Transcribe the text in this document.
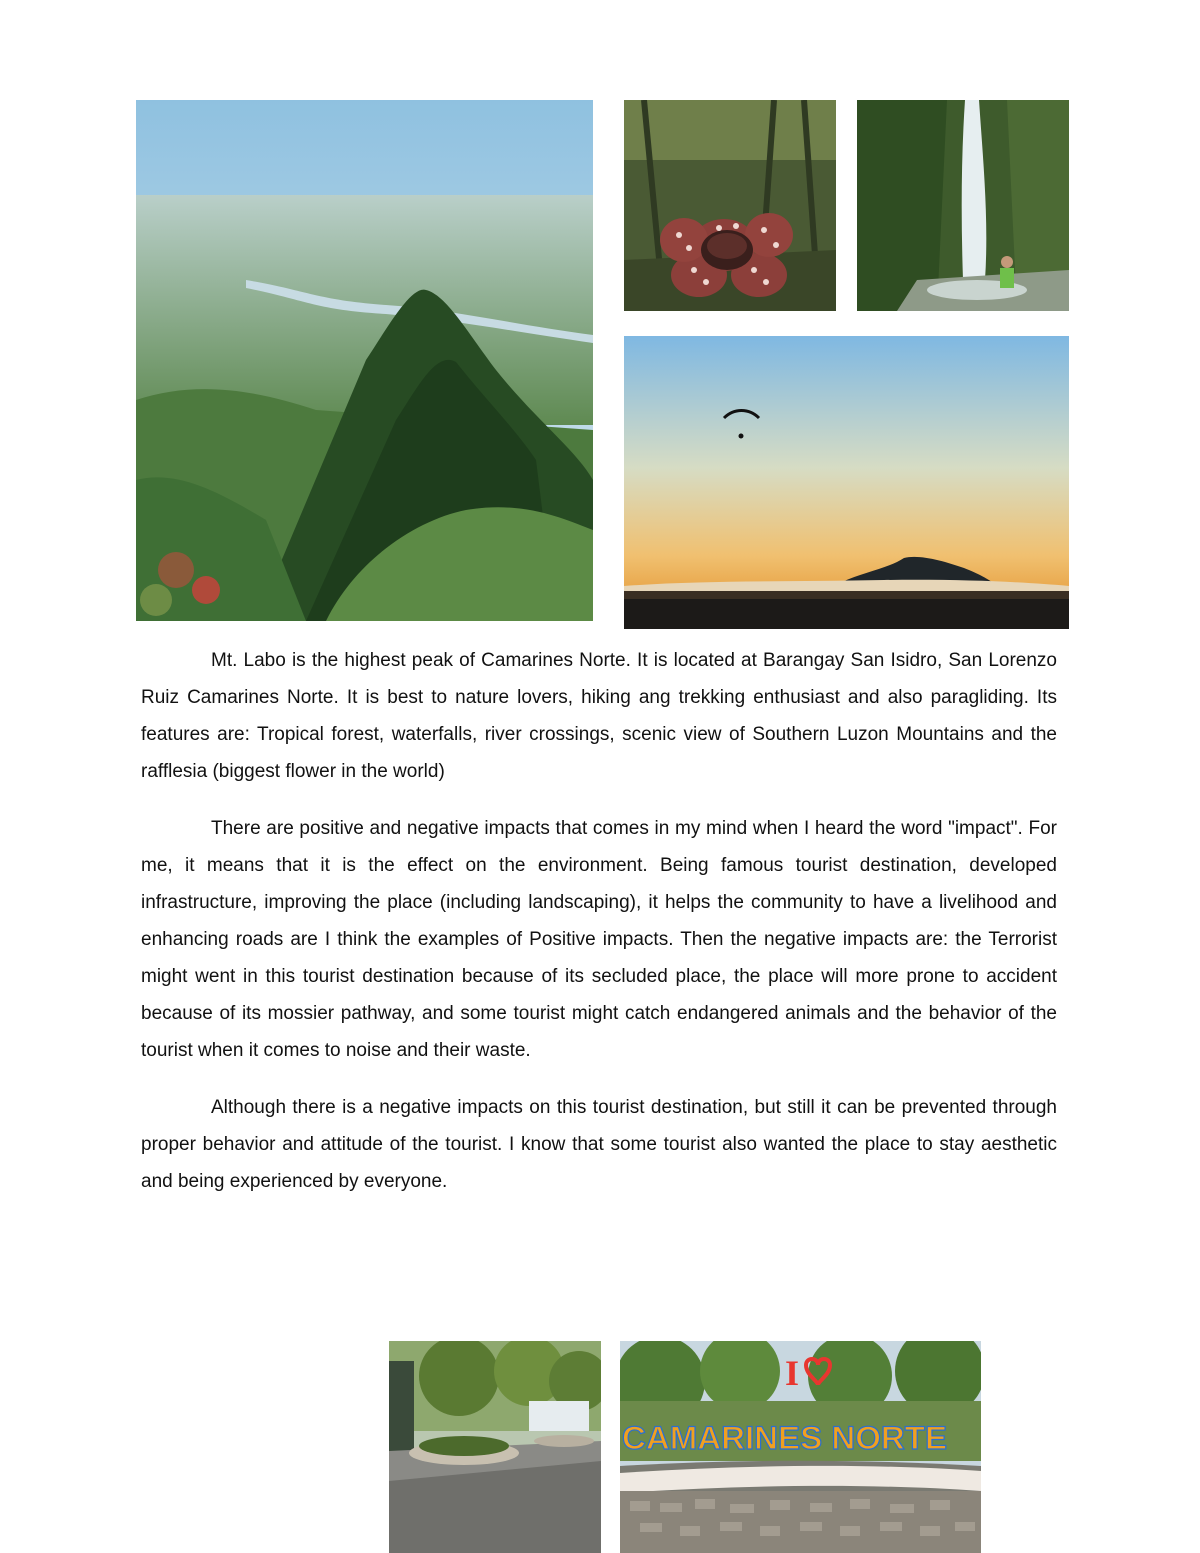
Mt. Labo is the highest peak of Camarines Norte. It is located at Barangay San Isidro, San Lorenzo Ruiz Camarines Norte. It is best to nature lovers, hiking ang trekking enthusiast and also paragliding. Its features are: Tropical forest, waterfalls, river crossings, scenic view of Southern Luzon Mountains and the rafflesia (biggest flower in the world)

There are positive and negative impacts that comes in my mind when I heard the word "impact". For me, it means that it is the effect on the environment. Being famous tourist destination, developed infrastructure, improving the place (including landscaping), it helps the community to have a livelihood and enhancing roads are I think the examples of Positive impacts. Then the negative impacts are: the Terrorist might went in this tourist destination because of its secluded place, the place will more prone to accident because of its mossier pathway, and some tourist might catch endangered animals and the behavior of the tourist when it comes to noise and their waste.

Although there is a negative impacts on this tourist destination, but still it can be prevented through proper behavior and attitude of the tourist. I know that some tourist also wanted the place to stay aesthetic and being experienced by everyone.

I
CAMARINES NORTE
